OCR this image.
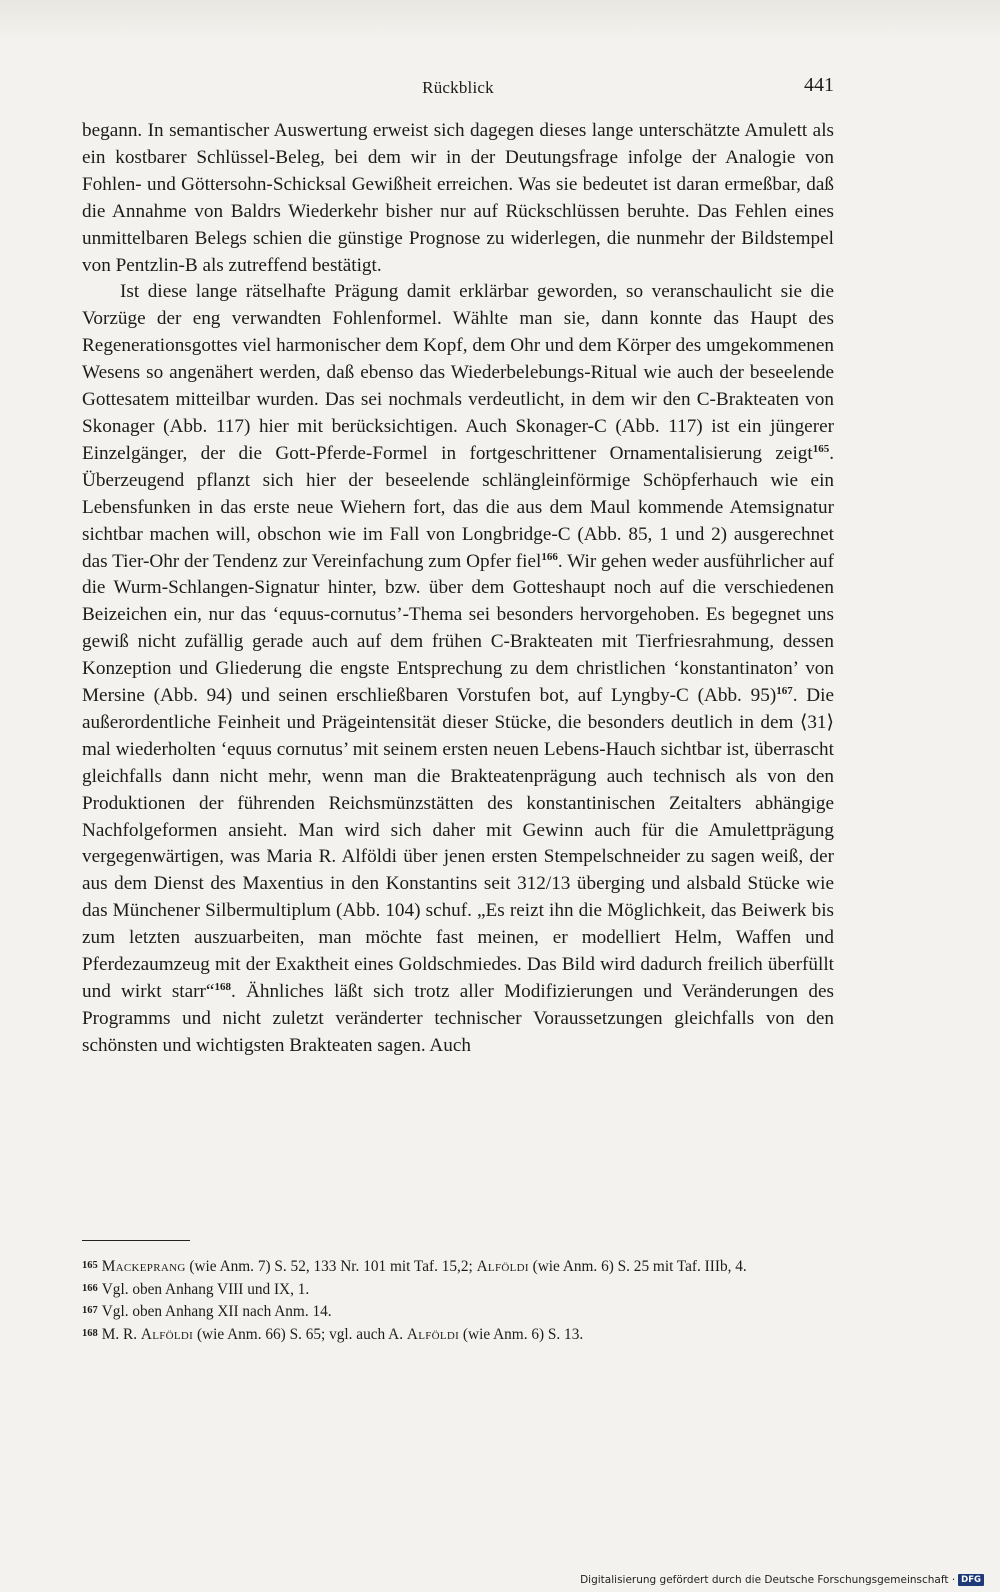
Rückblick	441

begann. In semantischer Auswertung erweist sich dagegen dieses lange unterschätzte Amulett als ein kostbarer Schlüssel-Beleg, bei dem wir in der Deutungsfrage infolge der Analogie von Fohlen- und Göttersohn-Schicksal Gewißheit erreichen. Was sie bedeutet ist daran ermeßbar, daß die Annahme von Baldrs Wiederkehr bisher nur auf Rückschlüssen beruhte. Das Fehlen eines unmittelbaren Belegs schien die günstige Prognose zu widerlegen, die nunmehr der Bildstempel von Pentzlin-B als zutreffend bestätigt.

Ist diese lange rätselhafte Prägung damit erklärbar geworden, so veranschaulicht sie die Vorzüge der eng verwandten Fohlenformel. Wählte man sie, dann konnte das Haupt des Regenerationsgottes viel harmonischer dem Kopf, dem Ohr und dem Körper des umgekommenen Wesens so angenähert werden, daß ebenso das Wiederbelebungs-Ritual wie auch der beseelende Gottesatem mitteilbar wurden. Das sei nochmals verdeutlicht, in dem wir den C-Brakteaten von Skonager (Abb. 117) hier mit berücksichtigen. Auch Skonager-C (Abb. 117) ist ein jüngerer Einzelgänger, der die Gott-Pferde-Formel in fortgeschrittener Ornamentalisierung zeigt$^{165}$. Überzeugend pflanzt sich hier der beseelende schlängleinförmige Schöpferhauch wie ein Lebensfunken in das erste neue Wiehern fort, das die aus dem Maul kommende Atemsignatur sichtbar machen will, obschon wie im Fall von Longbridge-C (Abb. 85, 1 und 2) ausgerechnet das Tier-Ohr der Tendenz zur Vereinfachung zum Opfer fiel$^{166}$. Wir gehen weder ausführlicher auf die Wurm-Schlangen-Signatur hinter, bzw. über dem Gotteshaupt noch auf die verschiedenen Beizeichen ein, nur das ‘equus-cornutus’-Thema sei besonders hervorgehoben. Es begegnet uns gewiß nicht zufällig gerade auch auf dem frühen C-Brakteaten mit Tierfriesrahmung, dessen Konzeption und Gliederung die engste Entsprechung zu dem christlichen ‘konstantinaton’ von Mersine (Abb. 94) und seinen erschließbaren Vorstufen bot, auf Lyngby-C (Abb. 95)$^{167}$. Die außerordentliche Feinheit und Prägeintensität dieser Stücke, die besonders deutlich in dem ⟨31⟩ mal wiederholten ‘equus cornutus’ mit seinem ersten neuen Lebens-Hauch sichtbar ist, überrascht gleichfalls dann nicht mehr, wenn man die Brakteatenprägung auch technisch als von den Produktionen der führenden Reichsmünzstätten des konstantinischen Zeitalters abhängige Nachfolgeformen ansieht. Man wird sich daher mit Gewinn auch für die Amulettprägung vergegenwärtigen, was Maria R. Alföldi über jenen ersten Stempelschneider zu sagen weiß, der aus dem Dienst des Maxentius in den Konstantins seit 312/13 überging und alsbald Stücke wie das Münchener Silbermultiplum (Abb. 104) schuf. „Es reizt ihn die Möglichkeit, das Beiwerk bis zum letzten auszuarbeiten, man möchte fast meinen, er modelliert Helm, Waffen und Pferdezaumzeug mit der Exaktheit eines Goldschmiedes. Das Bild wird dadurch freilich überfüllt und wirkt starr“$^{168}$. Ähnliches läßt sich trotz aller Modifizierungen und Veränderungen des Programms und nicht zuletzt veränderter technischer Voraussetzungen gleichfalls von den schönsten und wichtigsten Brakteaten sagen. Auch

165 Mackeprang (wie Anm. 7) S. 52, 133 Nr. 101 mit Taf. 15,2; Alföldi (wie Anm. 6) S. 25 mit Taf. IIIb, 4.

166 Vgl. oben Anhang VIII und IX, 1.

167 Vgl. oben Anhang XII nach Anm. 14.

168 M. R. Alföldi (wie Anm. 66) S. 65; vgl. auch A. Alföldi (wie Anm. 6) S. 13.

Digitalisierung gefördert durch die Deutsche Forschungsgemeinschaft · DFG
